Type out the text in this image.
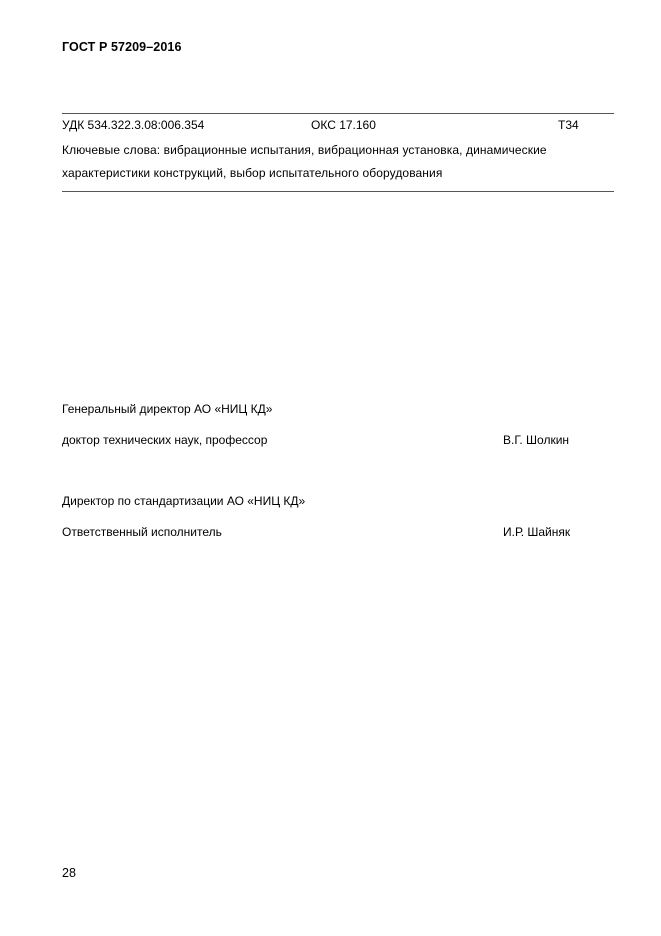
ГОСТ Р 57209–2016
УДК 534.322.3.08:006.354	ОКС 17.160	Т34
Ключевые слова: вибрационные испытания, вибрационная установка, динамические
характеристики конструкций, выбор испытательного оборудования
Генеральный директор АО «НИЦ КД»
доктор технических наук, профессор	В.Г. Шолкин
Директор по стандартизации АО «НИЦ КД»
Ответственный исполнитель	И.Р. Шайняк
28
